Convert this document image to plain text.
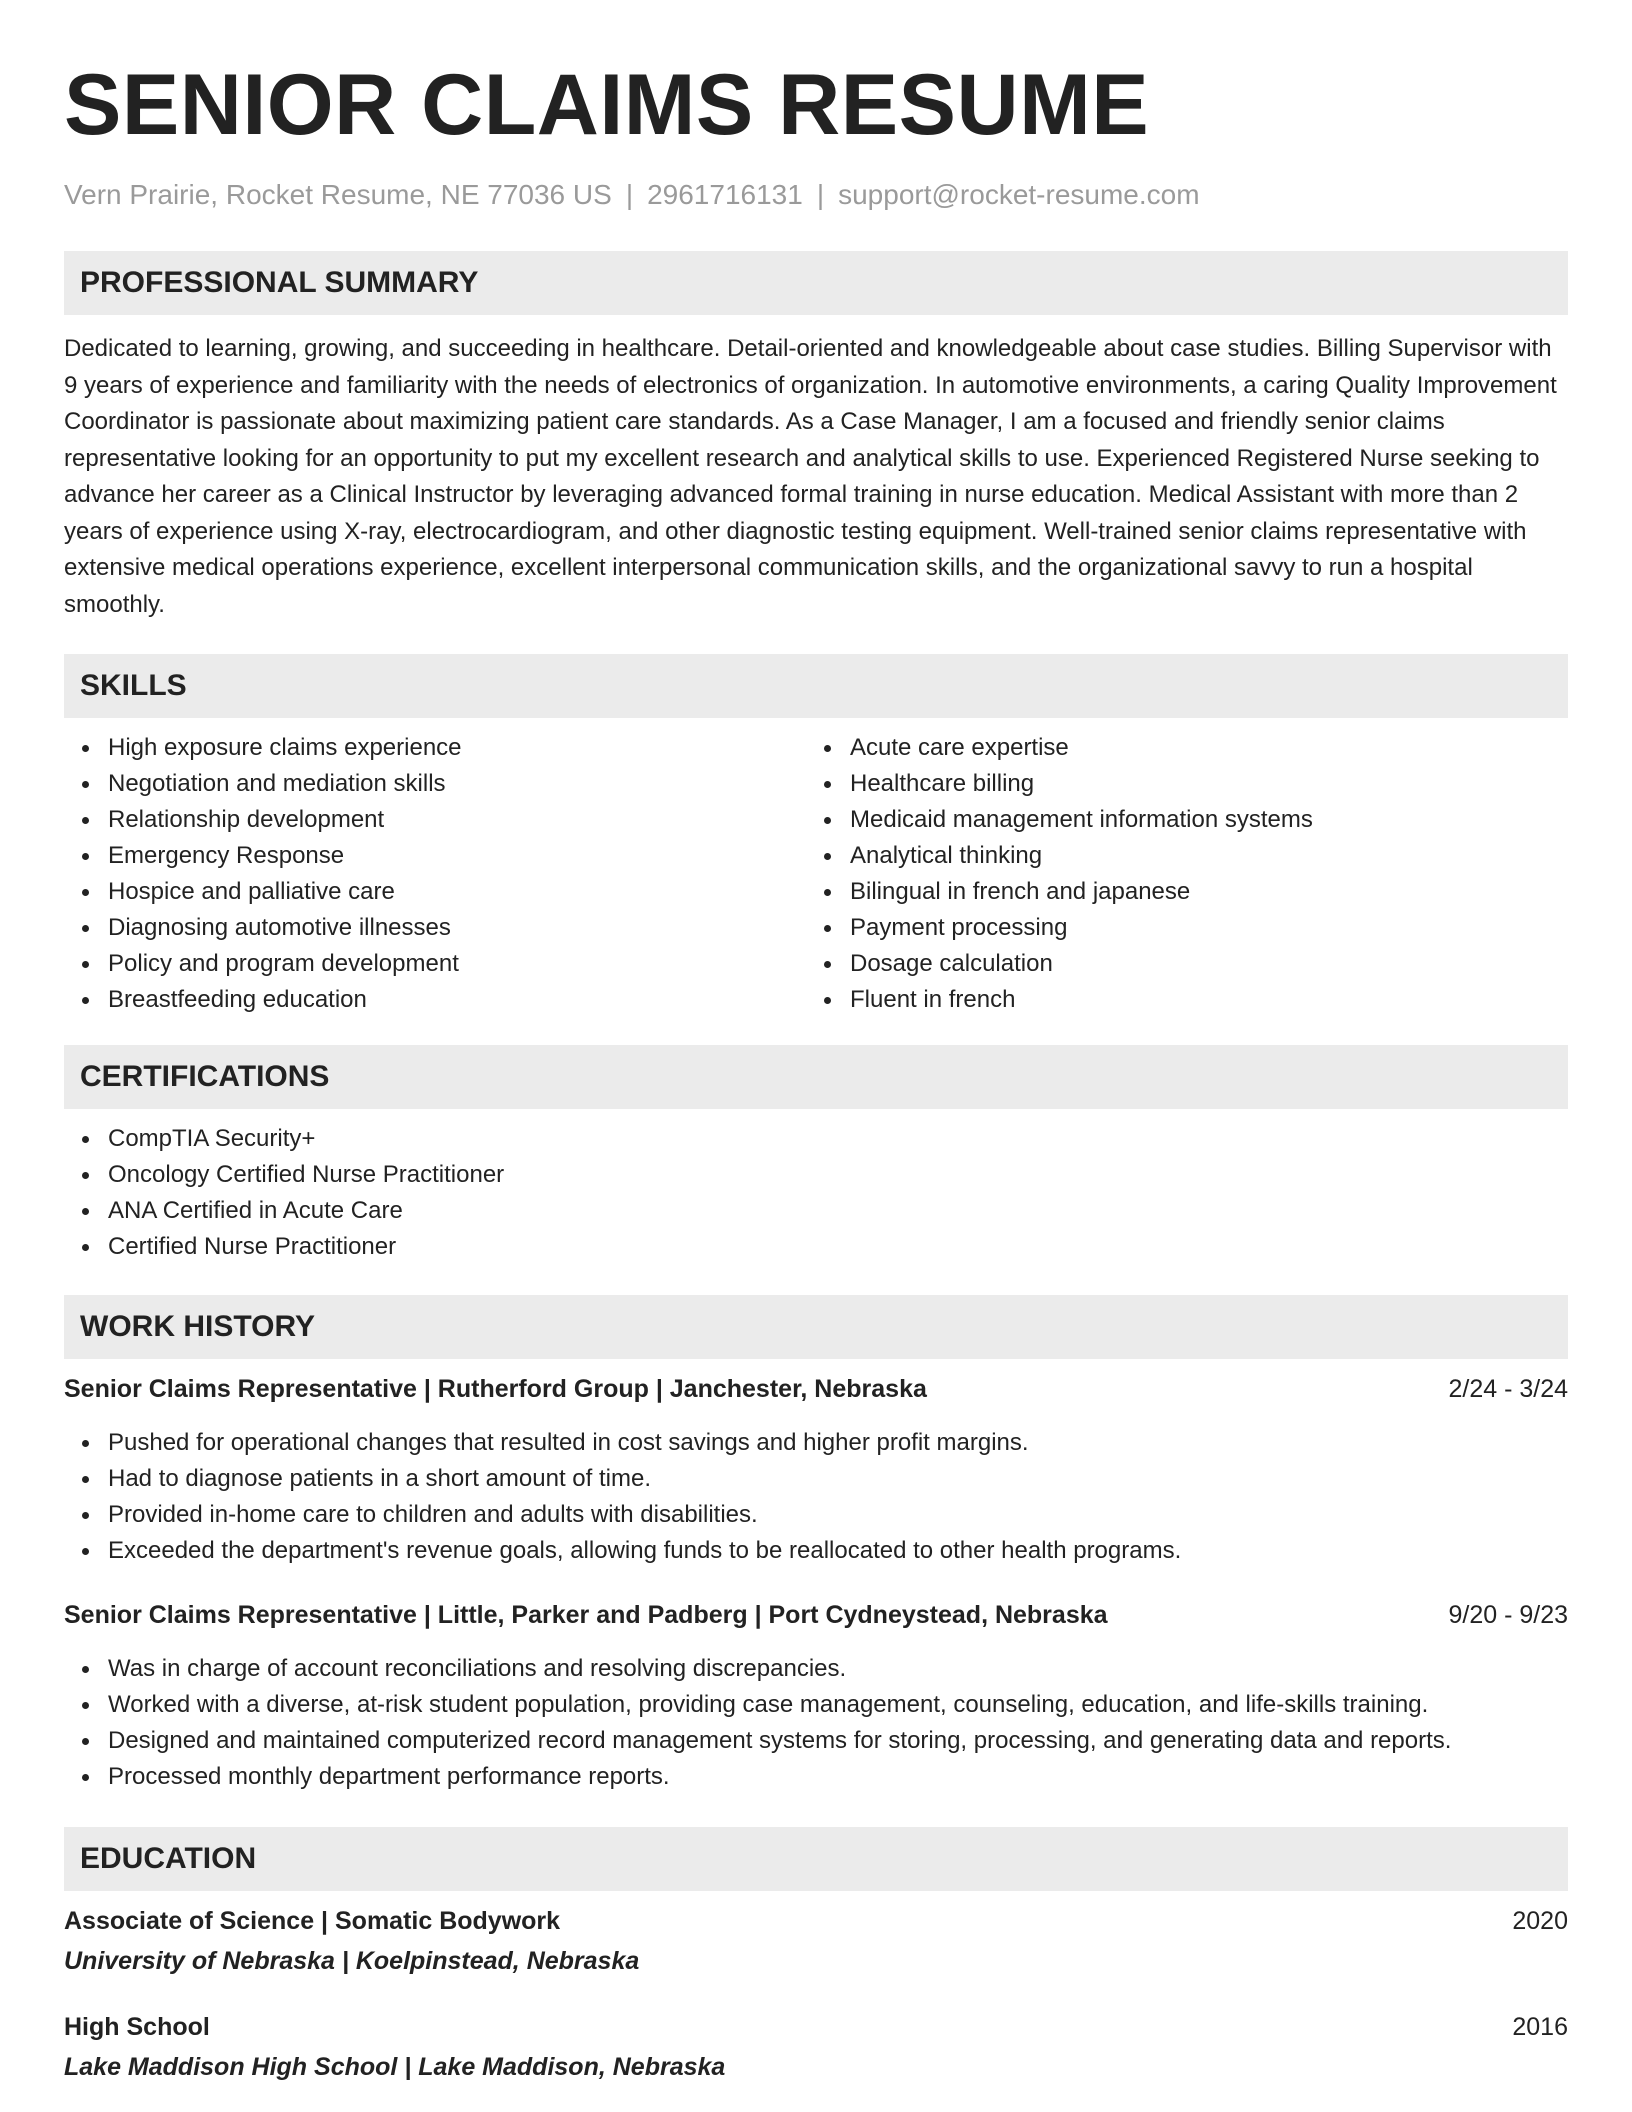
SENIOR CLAIMS RESUME
Vern Prairie, Rocket Resume, NE 77036 US | 2961716131 | support@rocket-resume.com
PROFESSIONAL SUMMARY

Dedicated to learning, growing, and succeeding in healthcare. Detail-oriented and knowledgeable about case studies. Billing Supervisor with 9 years of experience and familiarity with the needs of electronics of organization. In automotive environments, a caring Quality Improvement Coordinator is passionate about maximizing patient care standards. As a Case Manager, I am a focused and friendly senior claims representative looking for an opportunity to put my excellent research and analytical skills to use. Experienced Registered Nurse seeking to advance her career as a Clinical Instructor by leveraging advanced formal training in nurse education. Medical Assistant with more than 2 years of experience using X-ray, electrocardiogram, and other diagnostic testing equipment. Well-trained senior claims representative with extensive medical operations experience, excellent interpersonal communication skills, and the organizational savvy to run a hospital smoothly.

SKILLS
High exposure claims experience
Negotiation and mediation skills
Relationship development
Emergency Response
Hospice and palliative care
Diagnosing automotive illnesses
Policy and program development
Breastfeeding education
Acute care expertise
Healthcare billing
Medicaid management information systems
Analytical thinking
Bilingual in french and japanese
Payment processing
Dosage calculation
Fluent in french
CERTIFICATIONS
CompTIA Security+
Oncology Certified Nurse Practitioner
ANA Certified in Acute Care
Certified Nurse Practitioner
WORK HISTORY
Senior Claims Representative | Rutherford Group | Janchester, Nebraska	2/24 - 3/24
Pushed for operational changes that resulted in cost savings and higher profit margins.
Had to diagnose patients in a short amount of time.
Provided in-home care to children and adults with disabilities.
Exceeded the department's revenue goals, allowing funds to be reallocated to other health programs.
Senior Claims Representative | Little, Parker and Padberg | Port Cydneystead, Nebraska	9/20 - 9/23
Was in charge of account reconciliations and resolving discrepancies.
Worked with a diverse, at-risk student population, providing case management, counseling, education, and life-skills training.
Designed and maintained computerized record management systems for storing, processing, and generating data and reports.
Processed monthly department performance reports.
EDUCATION
Associate of Science | Somatic Bodywork	2020
University of Nebraska | Koelpinstead, Nebraska
High School	2016
Lake Maddison High School | Lake Maddison, Nebraska
